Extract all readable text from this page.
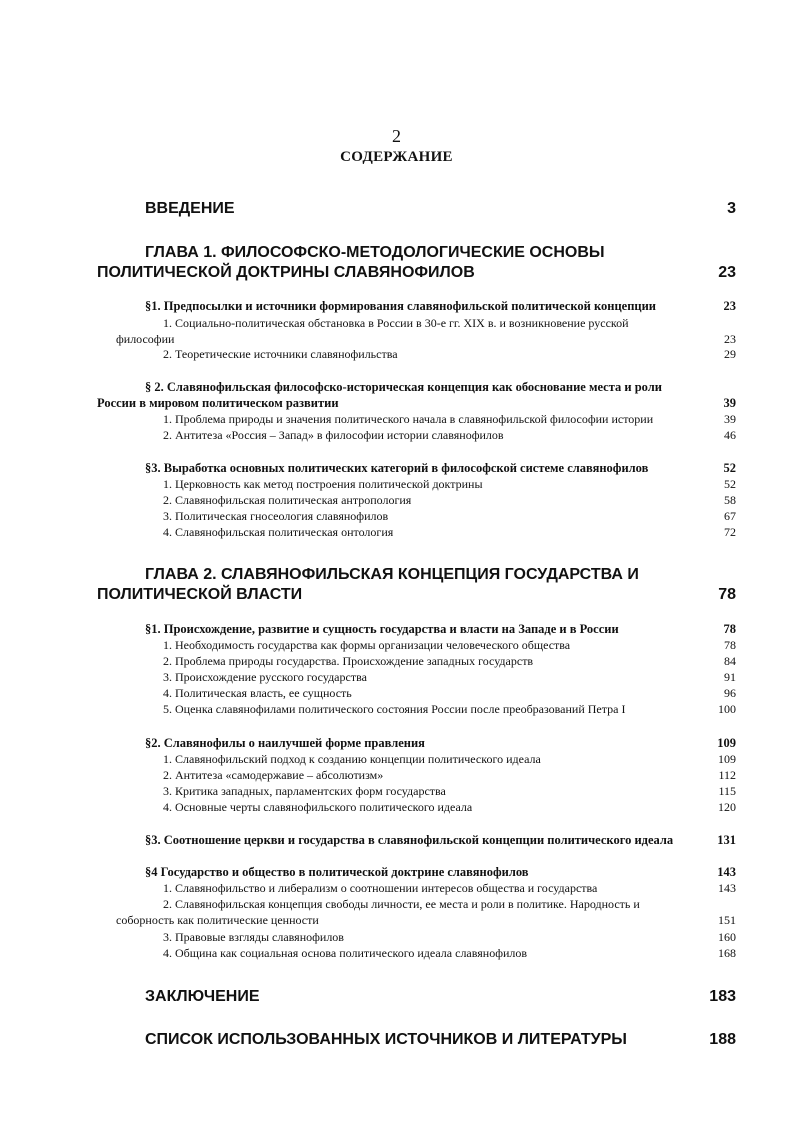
2
СОДЕРЖАНИЕ
ВВЕДЕНИЕ	3
ГЛАВА 1. ФИЛОСОФСКО-МЕТОДОЛОГИЧЕСКИЕ ОСНОВЫ
ПОЛИТИЧЕСКОЙ ДОКТРИНЫ СЛАВЯНОФИЛОВ	23
§1. Предпосылки и источники формирования славянофильской политической концепции	23
1. Социально-политическая обстановка в России в 30-е гг. XIX в. и возникновение русской
философии	23
2. Теоретические источники славянофильства	29
§ 2. Славянофильская философско-историческая концепция как обоснование места и роли
России в мировом политическом развитии	39
1. Проблема природы и значения политического начала в славянофильской философии истории	39
2. Антитеза «Россия – Запад» в философии истории славянофилов	46
§3. Выработка основных политических категорий в философской системе славянофилов	52
1. Церковность как метод построения политической доктрины	52
2. Славянофильская политическая антропология	58
3. Политическая гносеология славянофилов	67
4. Славянофильская политическая онтология	72
ГЛАВА 2. СЛАВЯНОФИЛЬСКАЯ КОНЦЕПЦИЯ ГОСУДАРСТВА И
ПОЛИТИЧЕСКОЙ ВЛАСТИ	78
§1. Происхождение, развитие и сущность государства и власти на Западе и в России	78
1. Необходимость государства как формы организации человеческого общества	78
2. Проблема природы государства. Происхождение западных государств	84
3. Происхождение русского государства	91
4. Политическая власть, ее сущность	96
5. Оценка славянофилами политического состояния России после преобразований Петра I	100
§2. Славянофилы о наилучшей форме правления	109
1. Славянофильский подход к созданию концепции политического идеала	109
2. Антитеза «самодержавие – абсолютизм»	112
3. Критика западных, парламентских форм государства	115
4. Основные черты славянофильского политического идеала	120
§3. Соотношение церкви и государства в славянофильской концепции политического идеала	131
§4 Государство и общество в политической доктрине славянофилов	143
1. Славянофильство и либерализм о соотношении интересов общества и государства	143
2. Славянофильская концепция свободы личности, ее места и роли в политике. Народность и
соборность как политические ценности	151
3. Правовые взгляды славянофилов	160
4. Община как социальная основа политического идеала славянофилов	168
ЗАКЛЮЧЕНИЕ	183
СПИСОК ИСПОЛЬЗОВАННЫХ ИСТОЧНИКОВ И ЛИТЕРАТУРЫ	188
